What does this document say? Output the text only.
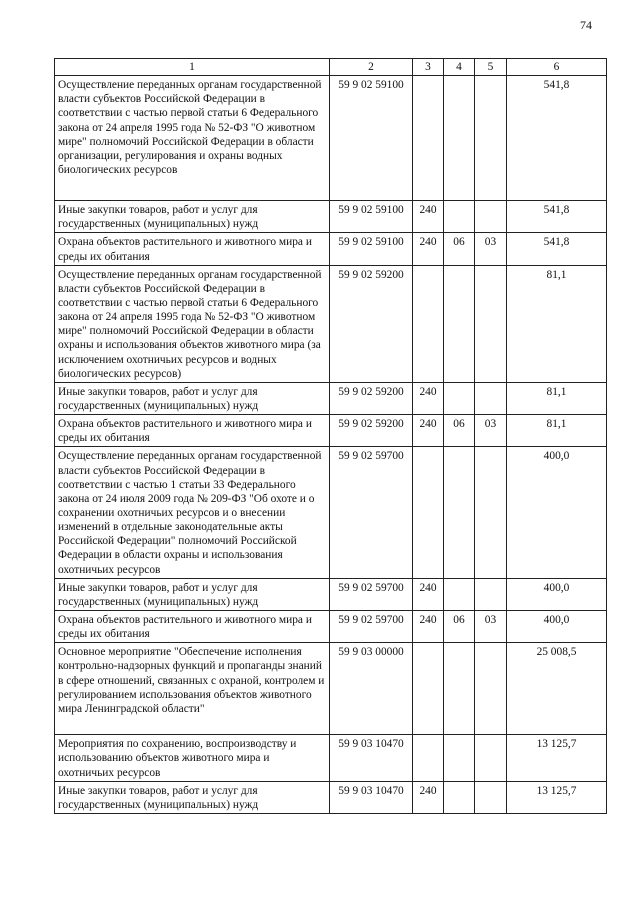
74
1	2	3	4	5	6
Осуществление переданных органам государственной власти субъектов Российской Федерации в соответствии с частью первой статьи 6 Федерального закона от 24 апреля 1995 года № 52-ФЗ "О животном мире" полномочий Российской Федерации в области организации, регулирования и охраны водных биологических ресурсов	59 9 02 59100				541,8
Иные закупки товаров, работ и услуг для государственных (муниципальных) нужд	59 9 02 59100	240			541,8
Охрана объектов растительного и животного мира и среды их обитания	59 9 02 59100	240	06	03	541,8
Осуществление переданных органам государственной власти субъектов Российской Федерации в соответствии с частью первой статьи 6 Федерального закона от 24 апреля 1995 года № 52-ФЗ "О животном мире" полномочий Российской Федерации в области охраны и использования объектов животного мира (за исключением охотничьих ресурсов и водных биологических ресурсов)	59 9 02 59200				81,1
Иные закупки товаров, работ и услуг для государственных (муниципальных) нужд	59 9 02 59200	240			81,1
Охрана объектов растительного и животного мира и среды их обитания	59 9 02 59200	240	06	03	81,1
Осуществление переданных органам государственной власти субъектов Российской Федерации в соответствии с частью 1 статьи 33 Федерального закона от 24 июля 2009 года № 209-ФЗ "Об охоте и о сохранении охотничьих ресурсов и о внесении изменений в отдельные законодательные акты Российской Федерации" полномочий Российской Федерации в области охраны и использования охотничьих ресурсов	59 9 02 59700				400,0
Иные закупки товаров, работ и услуг для государственных (муниципальных) нужд	59 9 02 59700	240			400,0
Охрана объектов растительного и животного мира и среды их обитания	59 9 02 59700	240	06	03	400,0
Основное мероприятие "Обеспечение исполнения контрольно-надзорных функций и пропаганды знаний в сфере отношений, связанных с охраной, контролем и регулированием использования объектов животного мира Ленинградской области"	59 9 03 00000				25 008,5
Мероприятия по сохранению, воспроизводству и использованию объектов животного мира и охотничьих ресурсов	59 9 03 10470				13 125,7
Иные закупки товаров, работ и услуг для государственных (муниципальных) нужд	59 9 03 10470	240			13 125,7
